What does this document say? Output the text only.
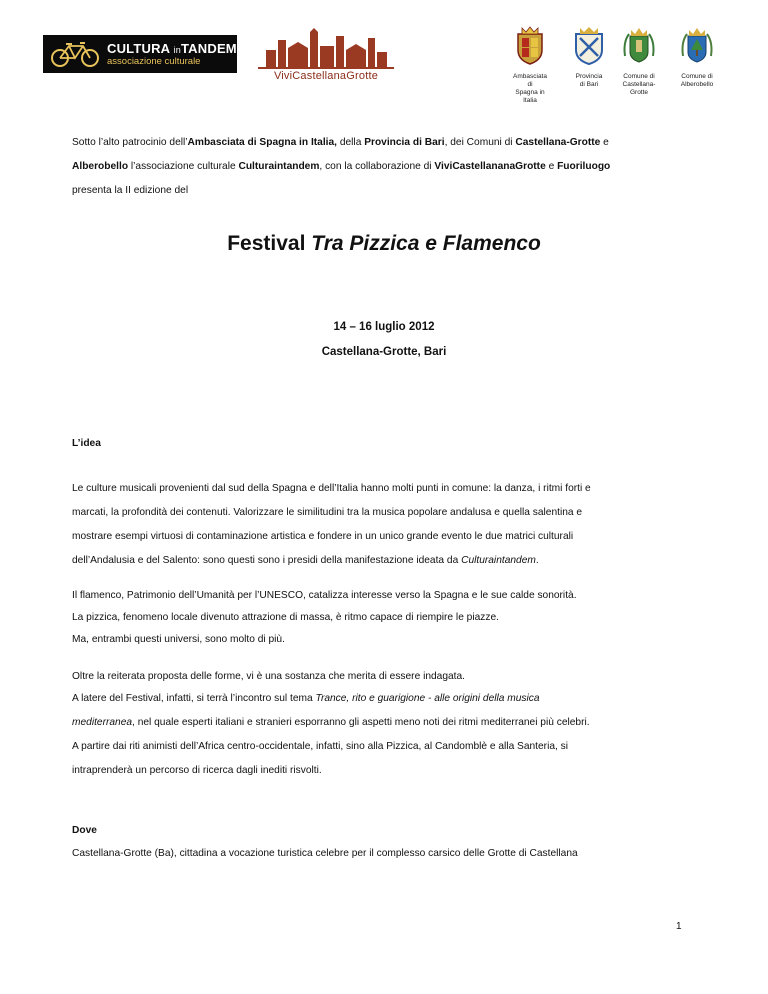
CULTURA inTANDEM
associazione culturale
ViviCastellanaGrotte	Ambasciata di
Spagna in Italia
Provincia
di Bari
Comune di
Castellana-Grotte
Comune di
Alberobello
Sotto l’alto patrocinio dell’Ambasciata di Spagna in Italia, della Provincia di Bari, dei Comuni di Castellana-Grotte e
Alberobello l’associazione culturale Culturaintandem, con la collaborazione di ViviCastellananaGrotte e Fuoriluogo
presenta la II edizione del
Festival Tra Pizzica e Flamenco
14 – 16 luglio 2012
Castellana-Grotte, Bari
L’idea
Le culture musicali provenienti dal sud della Spagna e dell’Italia hanno molti punti in comune: la danza, i ritmi forti e
marcati, la profondità dei contenuti. Valorizzare le similitudini tra la musica popolare andalusa e quella salentina e
mostrare esempi virtuosi di contaminazione artistica e fondere in un unico grande evento le due matrici culturali
dell’Andalusia e del Salento: sono questi sono i presidi della manifestazione ideata da Culturaintandem.
Il flamenco, Patrimonio dell’Umanità per l’UNESCO, catalizza interesse verso la Spagna e le sue calde sonorità.
La pizzica, fenomeno locale divenuto attrazione di massa, è ritmo capace di riempire le piazze.
Ma, entrambi questi universi, sono molto di più.
Oltre la reiterata proposta delle forme, vi è una sostanza che merita di essere indagata.
A latere del Festival, infatti, si terrà l’incontro sul tema Trance, rito e guarigione - alle origini della musica
mediterranea, nel quale esperti italiani e stranieri esporranno gli aspetti meno noti dei ritmi mediterranei più celebri.
A partire dai riti animisti dell’Africa centro-occidentale, infatti, sino alla Pizzica, al Candomblè e alla Santeria, si
intraprenderà un percorso di ricerca dagli inediti risvolti.
Dove
Castellana-Grotte (Ba), cittadina a vocazione turistica celebre per il complesso carsico delle Grotte di Castellana
1
